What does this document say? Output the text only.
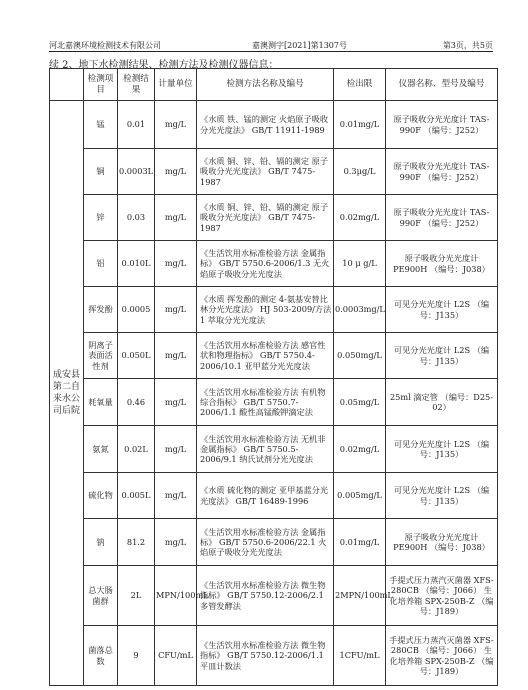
河北嘉澳环境检测技术有限公司	嘉澳测字[2021]第1307号	第3页，共5页
续 2、地下水检测结果、检测方法及检测仪器信息：
	检测项目	检测结果	计量单位	检测方法名称及编号	检出限	仪器名称、型号及编号
成安县第二自来水公司后院	锰	0.01	mg/L	《水质 铁、锰的测定 火焰原子吸收分光光度法》 GB/T 11911-1989	0.01mg/L	原子吸收分光光度计 TAS-990F （编号：J252）
	铜	0.0003L	mg/L	《水质 铜、锌、铅、镉的测定 原子吸收分光光度法》 GB/T 7475-1987	0.3μg/L	原子吸收分光光度计 TAS-990F （编号：J252）
	锌	0.03	mg/L	《水质 铜、锌、铅、镉的测定 原子吸收分光光度法》 GB/T 7475-1987	0.02mg/L	原子吸收分光光度计 TAS-990F （编号：J252）
	铝	0.010L	mg/L	《生活饮用水标准检验方法 金属指标》 GB/T 5750.6-2006/1.3 无火焰原子吸收分光光度法	10 μ g/L	原子吸收分光光度计 PE900H （编号：J038）
	挥发酚	0.0005	mg/L	《水质 挥发酚的测定 4-氨基安替比林分光光度法》 HJ 503-2009/方法 1 萃取分光光度法	0.0003mg/L	可见分光光度计 L2S （编号：J135）
	阴离子表面活性剂	0.050L	mg/L	《生活饮用水标准检验方法 感官性状和物理指标》 GB/T 5750.4-2006/10.1 亚甲蓝分光光度法	0.050mg/L	可见分光光度计 L2S （编号：J135）
	耗氧量	0.46	mg/L	《生活饮用水标准检验方法 有机物综合指标》 GB/T 5750.7-2006/1.1 酸性高锰酸钾滴定法	0.05mg/L	25ml 滴定管 （编号：D25-02）
	氨氮	0.02L	mg/L	《生活饮用水标准检验方法 无机非金属指标》 GB/T 5750.5-2006/9.1 纳氏试剂分光光度法	0.02mg/L	可见分光光度计 L2S （编号：J135）
	硫化物	0.005L	mg/L	《水质 硫化物的测定 亚甲基蓝分光光度法》 GB/T 16489-1996	0.005mg/L	可见分光光度计 L2S （编号：J135）
	钠	81.2	mg/L	《生活饮用水标准检验方法 金属指标》 GB/T 5750.6-2006/22.1 火焰原子吸收分光光度法	0.01mg/L	原子吸收分光光度计 PE900H （编号：J038）
	总大肠菌群	2L	MPN/100mL	《生活饮用水标准检验方法 微生物指标》 GB/T 5750.12-2006/2.1 多管发酵法	2MPN/100mL	手提式压力蒸汽灭菌器 XFS-280CB （编号：J066） 生化培养箱 SPX-250B-Z （编号：J189）
	菌落总数	9	CFU/mL	《生活饮用水标准检验方法 微生物指标》 GB/T 5750.12-2006/1.1 平皿计数法	1CFU/mL	手提式压力蒸汽灭菌器 XFS-280CB （编号：J066） 生化培养箱 SPX-250B-Z （编号：J189）
